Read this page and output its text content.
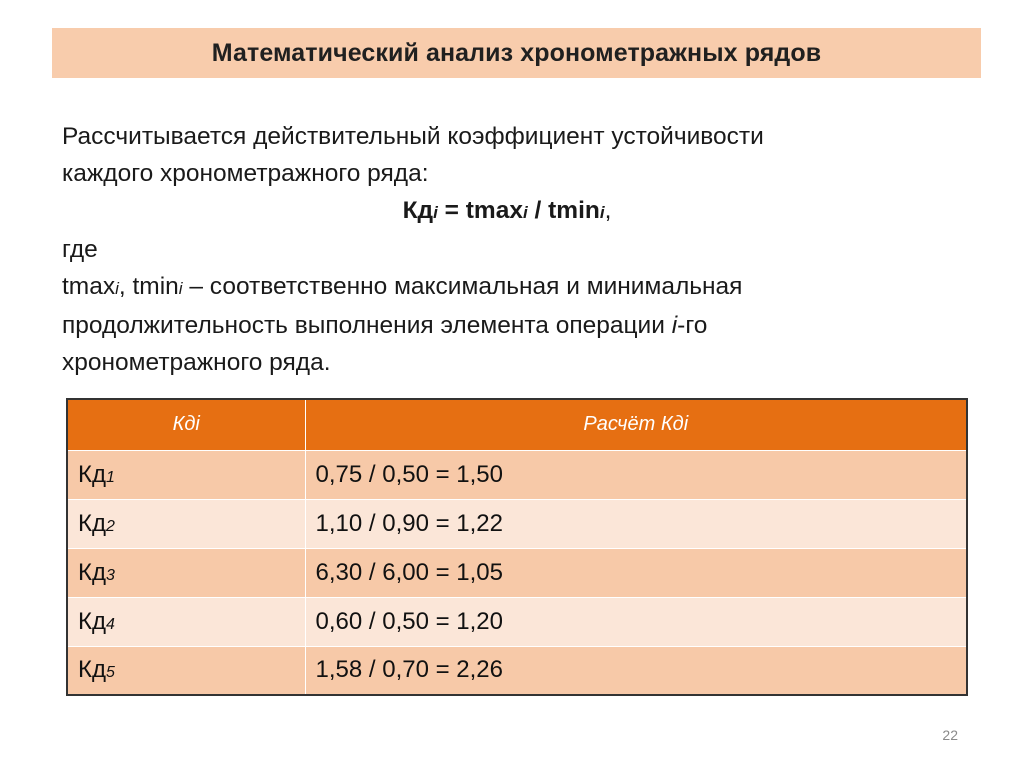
Математический анализ хронометражных рядов
Рассчитывается действительный коэффициент устойчивости
каждого хронометражного ряда:
Кдi = tmaxi / tmini,
где
tmaxi, tmini – соответственно максимальная и минимальная
продолжительность выполнения элемента операции i-го
хронометражного ряда.
Кдi	Расчёт Кдi
Кд1	0,75 / 0,50 = 1,50
Кд2	1,10 / 0,90 = 1,22
Кд3	6,30 / 6,00 = 1,05
Кд4	0,60 / 0,50 = 1,20
Кд5	1,58 / 0,70 = 2,26
22
